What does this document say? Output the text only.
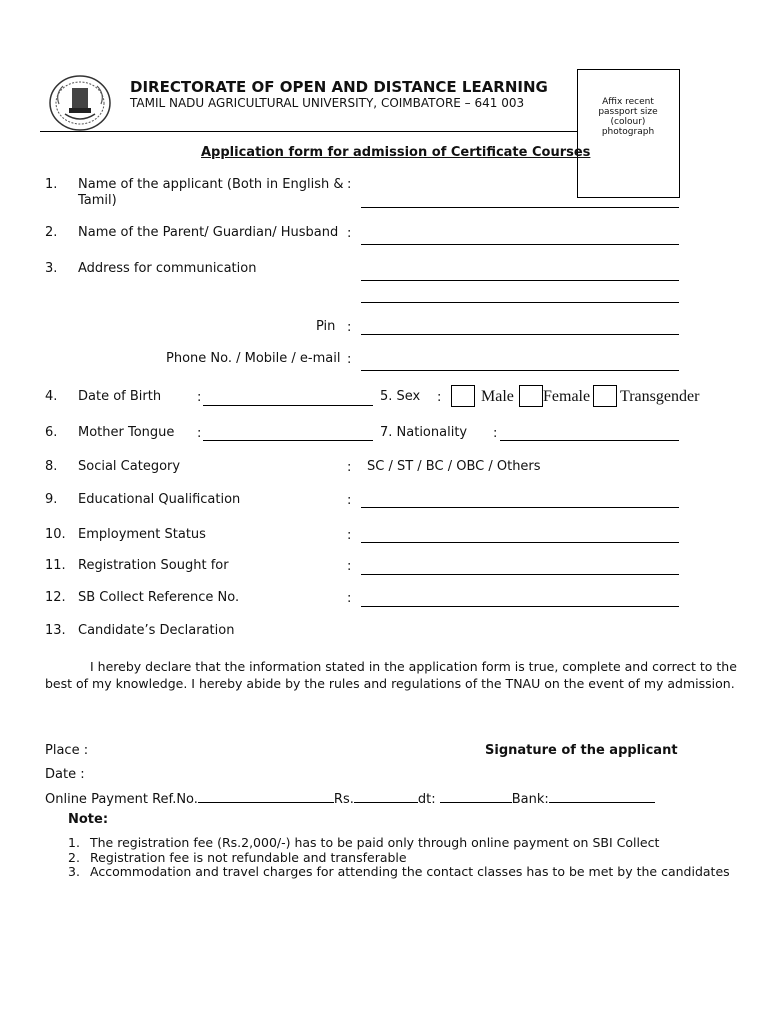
DIRECTORATE OF OPEN AND DISTANCE LEARNING
TAMIL NADU AGRICULTURAL UNIVERSITY, COIMBATORE – 641 003	Affix recent passport size (colour) photograph
Application form for admission of Certificate Courses
1. Name of the applicant (Both in English &
Tamil)
:
2. Name of the Parent/ Guardian/ Husband :
3. Address for communication
Pin :
Phone No. / Mobile / e-mail :
4. Date of Birth	:	5. Sex : Male Female Transgender
6. Mother Tongue :	7. Nationality :
8. Social Category	: SC / ST / BC / OBC / Others
9. Educational Qualification	:
10. Employment Status	:
11. Registration Sought for	:
12. SB Collect Reference No.	:
13. Candidate’s Declaration
I hereby declare that the information stated in the application form is true, complete and correct to the
best of my knowledge. I hereby abide by the rules and regulations of the TNAU on the event of my admission.
Place :	Signature of the applicant
Date :
Online Payment Ref.No.	Rs.	dt:	Bank:
Note:
1. The registration fee (Rs.2,000/-) has to be paid only through online payment on SBI Collect
2. Registration fee is not refundable and transferable
3. Accommodation and travel charges for attending the contact classes has to be met by the candidates
